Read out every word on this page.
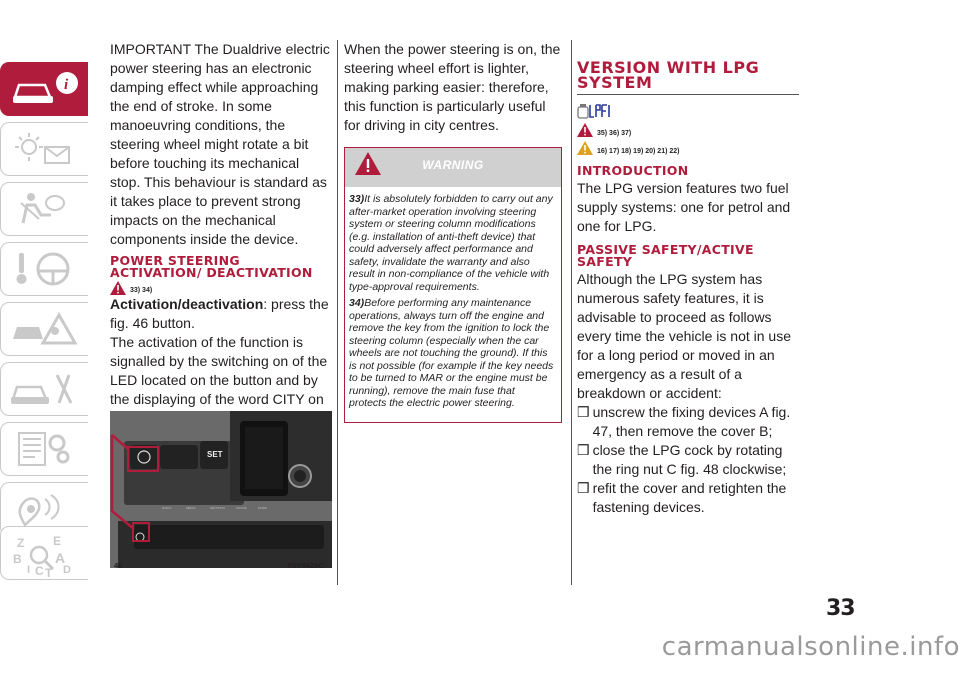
IMPORTANT The Dualdrive electric power steering has an electronic damping effect while approaching the end of stroke. In some manoeuvring conditions, the steering wheel might rotate a bit before touching its mechanical stop. This behaviour is standard as it takes place to prevent strong impacts on the mechanical components inside the device.

POWER STEERING ACTIVATION/ DEACTIVATION
33) 34)

Activation/deactivation: press the fig. 46 button.

The activation of the function is signalled by the switching on of the LED located on the button and by the displaying of the word CITY on

SET
RADIO	MEDIA	SETTINGS	PHONE	MORE
46	F0Y0420C

When the power steering is on, the steering wheel effort is lighter, making parking easier: therefore, this function is particularly useful for driving in city centres.

WARNING

33)It is absolutely forbidden to carry out any after-market operation involving steering system or steering column modifications (e.g. installation of anti-theft device) that could adversely affect performance and safety, invalidate the warranty and also result in non-compliance of the vehicle with type-approval requirements.

34)Before performing any maintenance operations, always turn off the engine and remove the key from the ignition to lock the steering column (especially when the car wheels are not touching the ground). If this is not possible (for example if the key needs to be turned to MAR or the engine must be running), remove the main fuse that protects the electric power steering.

VERSION WITH LPG SYSTEM
35) 36) 37)
16) 17) 18) 19) 20) 21) 22)
INTRODUCTION

The LPG version features two fuel supply systems: one for petrol and one for LPG.

PASSIVE SAFETY/ACTIVE SAFETY

Although the LPG system has numerous safety features, it is advisable to proceed as follows every time the vehicle is not in use for a long period or moved in an emergency as a result of a breakdown or accident:

❒ unscrew the fixing devices A fig. 47, then remove the cover B;

❒ close the LPG cock by rotating the ring nut C fig. 48 clockwise;

❒ refit the cover and retighten the fastening devices.

i
Z E
B A
I C T D
33
carmanualsonline.info
